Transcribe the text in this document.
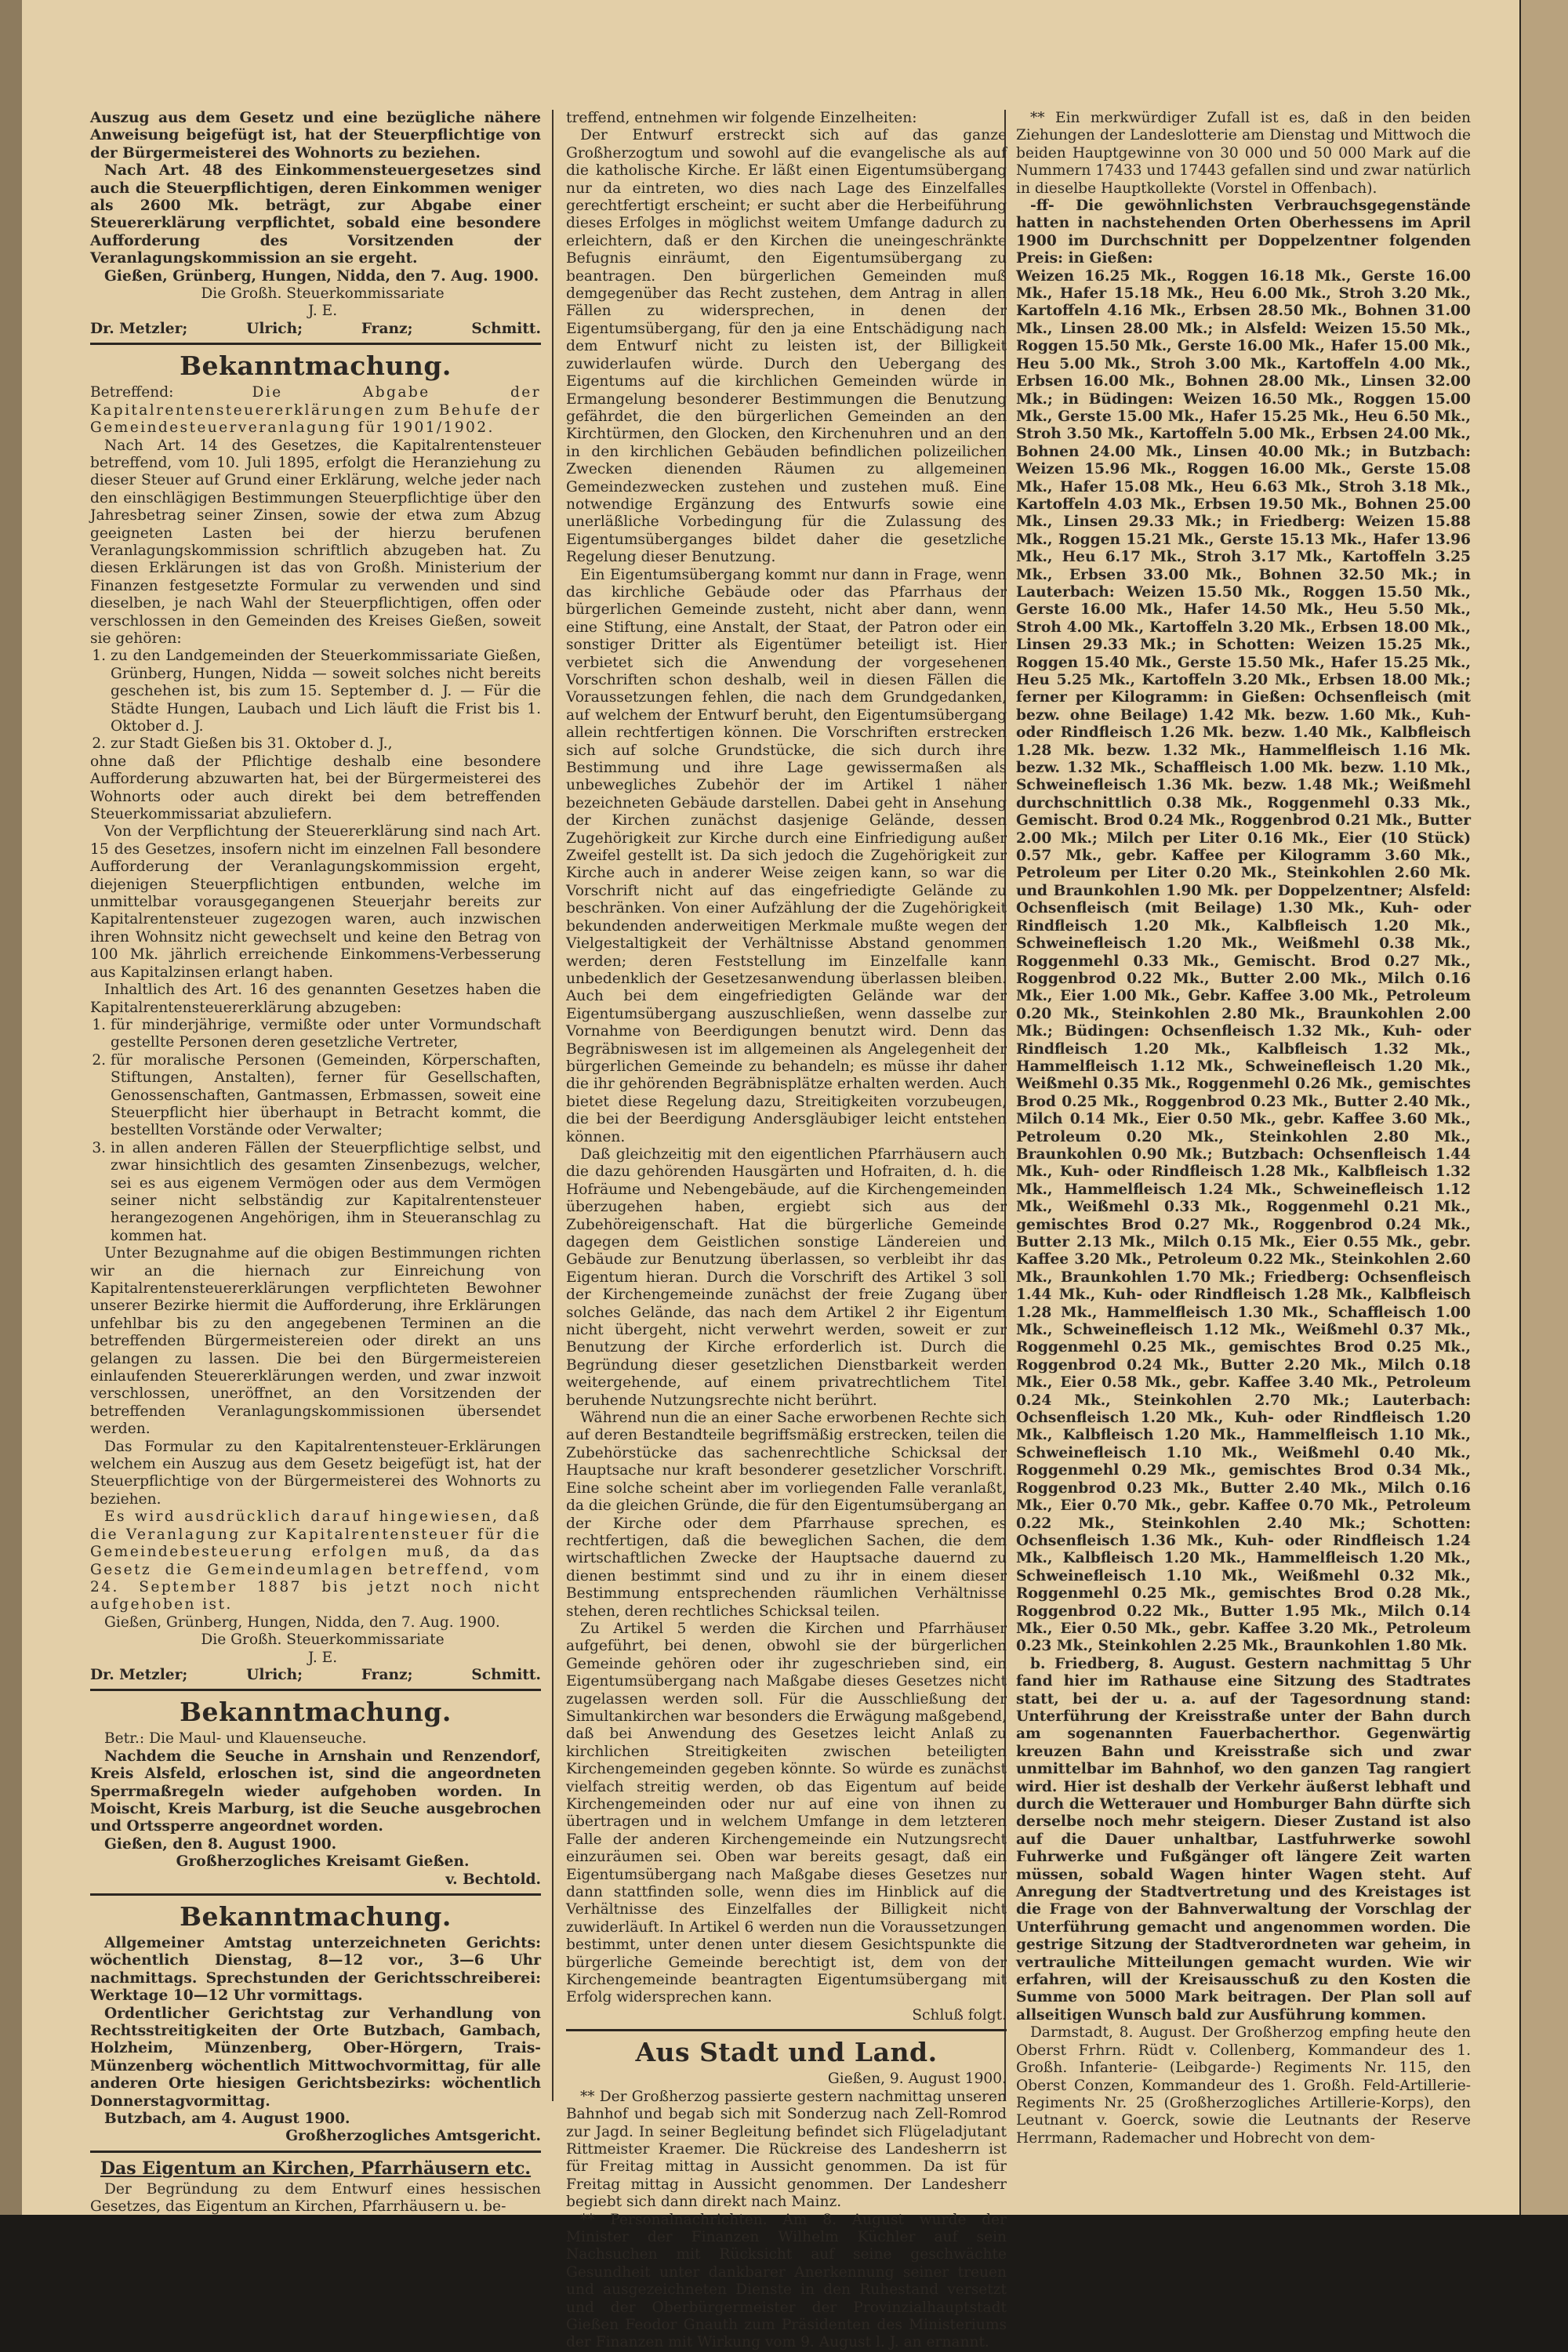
Auszug aus dem Gesetz und eine bezügliche nähere Anweisung beigefügt ist, hat der Steuerpflichtige von der Bürgermeisterei des Wohnorts zu beziehen.

Nach Art. 48 des Einkommensteuergesetzes sind auch die Steuerpflichtigen, deren Einkommen weniger als 2600 Mk. beträgt, zur Abgabe einer Steuererklärung verpflichtet, sobald eine besondere Aufforderung des Vorsitzenden der Veranlagungskommission an sie ergeht.

Gießen, Grünberg, Hungen, Nidda, den 7. Aug. 1900.

Die Großh. Steuerkommissariate

J. E.

Dr. Metzler;	Ulrich;	Franz;	Schmitt.
Bekanntmachung.

Betreffend:	Die Abgabe der Kapitalrentensteuererklärungen zum Behufe der Gemeindesteuerveranlagung für 1901/1902.

Nach Art. 14 des Gesetzes, die Kapitalrentensteuer betreffend, vom 10. Juli 1895, erfolgt die Heranziehung zu dieser Steuer auf Grund einer Erklärung, welche jeder nach den einschlägigen Bestimmungen Steuerpflichtige über den Jahresbetrag seiner Zinsen, sowie der etwa zum Abzug geeigneten Lasten bei der hierzu berufenen Veranlagungskommission schriftlich abzugeben hat. Zu diesen Erklärungen ist das von Großh. Ministerium der Finanzen festgesetzte Formular zu verwenden und sind dieselben, je nach Wahl der Steuerpflichtigen, offen oder verschlossen in den Gemeinden des Kreises Gießen, soweit sie gehören:

1. zu den Landgemeinden der Steuerkommissariate Gießen, Grünberg, Hungen, Nidda — soweit solches nicht bereits geschehen ist, bis zum 15. September d. J. — Für die Städte Hungen, Laubach und Lich läuft die Frist bis 1. Oktober d. J.
2. zur Stadt Gießen bis 31. Oktober d. J.,

ohne daß der Pflichtige deshalb eine besondere Aufforderung abzuwarten hat, bei der Bürgermeisterei des Wohnorts oder auch direkt bei dem betreffenden Steuerkommissariat abzuliefern.

Von der Verpflichtung der Steuererklärung sind nach Art. 15 des Gesetzes, insofern nicht im einzelnen Fall besondere Aufforderung der Veranlagungskommission ergeht, diejenigen Steuerpflichtigen entbunden, welche im unmittelbar vorausgegangenen Steuerjahr bereits zur Kapitalrentensteuer zugezogen waren, auch inzwischen ihren Wohnsitz nicht gewechselt und keine den Betrag von 100 Mk. jährlich erreichende Einkommens-Verbesserung aus Kapitalzinsen erlangt haben.

Inhaltlich des Art. 16 des genannten Gesetzes haben die Kapitalrentensteuererklärung abzugeben:

1. für minderjährige, vermißte oder unter Vormundschaft gestellte Personen deren gesetzliche Vertreter,
2. für moralische Personen (Gemeinden, Körperschaften, Stiftungen, Anstalten), ferner für Gesellschaften, Genossenschaften, Gantmassen, Erbmassen, soweit eine Steuerpflicht hier überhaupt in Betracht kommt, die bestellten Vorstände oder Verwalter;
3. in allen anderen Fällen der Steuerpflichtige selbst, und zwar hinsichtlich des gesamten Zinsenbezugs, welcher, sei es aus eigenem Vermögen oder aus dem Vermögen seiner nicht selbständig zur Kapitalrentensteuer herangezogenen Angehörigen, ihm in Steueranschlag zu kommen hat.

Unter Bezugnahme auf die obigen Bestimmungen richten wir an die hiernach zur Einreichung von Kapitalrentensteuererklärungen verpflichteten Bewohner unserer Bezirke hiermit die Aufforderung, ihre Erklärungen unfehlbar bis zu den angegebenen Terminen an die betreffenden Bürgermeistereien oder direkt an uns gelangen zu lassen. Die bei den Bürgermeistereien einlaufenden Steuererklärungen werden, und zwar inzwoit verschlossen, uneröffnet, an den Vorsitzenden der betreffenden Veranlagungskommissionen übersendet werden.

Das Formular zu den Kapitalrentensteuer-Erklärungen welchem ein Auszug aus dem Gesetz beigefügt ist, hat der Steuerpflichtige von der Bürgermeisterei des Wohnorts zu beziehen.

Es wird ausdrücklich darauf hingewiesen, daß die Veranlagung zur Kapitalrentensteuer für die Gemeindebesteuerung erfolgen muß, da das Gesetz die Gemeindeumlagen betreffend, vom 24. September 1887 bis jetzt noch nicht aufgehoben ist.

Gießen, Grünberg, Hungen, Nidda, den 7. Aug. 1900.

Die Großh. Steuerkommissariate

J. E.

Dr. Metzler;	Ulrich;	Franz;	Schmitt.
Bekanntmachung.

Betr.: Die Maul- und Klauenseuche.

Nachdem die Seuche in Arnshain und Renzendorf, Kreis Alsfeld, erloschen ist, sind die angeordneten Sperrmaßregeln wieder aufgehoben worden. In Moischt, Kreis Marburg, ist die Seuche ausgebrochen und Ortssperre angeordnet worden.

Gießen, den 8. August 1900.

Großherzogliches Kreisamt Gießen.

v. Bechtold.

Bekanntmachung.

Allgemeiner Amtstag unterzeichneten Gerichts: wöchentlich Dienstag, 8—12 vor., 3—6 Uhr nachmittags. Sprechstunden der Gerichtsschreiberei: Werktage 10—12 Uhr vormittags.

Ordentlicher Gerichtstag zur Verhandlung von Rechtsstreitigkeiten der Orte Butzbach, Gambach, Holzheim, Münzenberg, Ober-Hörgern, Trais-Münzenberg wöchentlich Mittwochvormittag, für alle anderen Orte hiesigen Gerichtsbezirks: wöchentlich Donnerstagvormittag.

Butzbach, am 4. August 1900.

Großherzogliches Amtsgericht.

Das Eigentum an Kirchen, Pfarrhäusern etc.

Der Begründung zu dem Entwurf eines hessischen Gesetzes, das Eigentum an Kirchen, Pfarrhäusern u. be-

treffend, entnehmen wir folgende Einzelheiten:

Der Entwurf erstreckt sich auf das ganze Großherzogtum und sowohl auf die evangelische als auf die katholische Kirche. Er läßt einen Eigentumsübergang nur da eintreten, wo dies nach Lage des Einzelfalles gerechtfertigt erscheint; er sucht aber die Herbeiführung dieses Erfolges in möglichst weitem Umfange dadurch zu erleichtern, daß er den Kirchen die uneingeschränkte Befugnis einräumt, den Eigentumsübergang zu beantragen. Den bürgerlichen Gemeinden muß demgegenüber das Recht zustehen, dem Antrag in allen Fällen zu widersprechen, in denen der Eigentumsübergang, für den ja eine Entschädigung nach dem Entwurf nicht zu leisten ist, der Billigkeit zuwiderlaufen würde. Durch den Uebergang des Eigentums auf die kirchlichen Gemeinden würde in Ermangelung besonderer Bestimmungen die Benutzung gefährdet, die den bürgerlichen Gemeinden an den Kirchtürmen, den Glocken, den Kirchenuhren und an den in den kirchlichen Gebäuden befindlichen polizeilichen Zwecken dienenden Räumen zu allgemeinen Gemeindezwecken zustehen und zustehen muß. Eine notwendige Ergänzung des Entwurfs sowie eine unerläßliche Vorbedingung für die Zulassung des Eigentumsüberganges bildet daher die gesetzliche Regelung dieser Benutzung.

Ein Eigentumsübergang kommt nur dann in Frage, wenn das kirchliche Gebäude oder das Pfarrhaus der bürgerlichen Gemeinde zusteht, nicht aber dann, wenn eine Stiftung, eine Anstalt, der Staat, der Patron oder ein sonstiger Dritter als Eigentümer beteiligt ist. Hier verbietet sich die Anwendung der vorgesehenen Vorschriften schon deshalb, weil in diesen Fällen die Voraussetzungen fehlen, die nach dem Grundgedanken, auf welchem der Entwurf beruht, den Eigentumsübergang allein rechtfertigen können. Die Vorschriften erstrecken sich auf solche Grundstücke, die sich durch ihre Bestimmung und ihre Lage gewissermaßen als unbewegliches Zubehör der im Artikel 1 näher bezeichneten Gebäude darstellen. Dabei geht in Ansehung der Kirchen zunächst dasjenige Gelände, dessen Zugehörigkeit zur Kirche durch eine Einfriedigung außer Zweifel gestellt ist. Da sich jedoch die Zugehörigkeit zur Kirche auch in anderer Weise zeigen kann, so war die Vorschrift nicht auf das eingefriedigte Gelände zu beschränken. Von einer Aufzählung der die Zugehörigkeit bekundenden anderweitigen Merkmale mußte wegen der Vielgestaltigkeit der Verhältnisse Abstand genommen werden; deren Feststellung im Einzelfalle kann unbedenklich der Gesetzesanwendung überlassen bleiben. Auch bei dem eingefriedigten Gelände war der Eigentumsübergang auszuschließen, wenn dasselbe zur Vornahme von Beerdigungen benutzt wird. Denn das Begräbniswesen ist im allgemeinen als Angelegenheit der bürgerlichen Gemeinde zu behandeln; es müsse ihr daher die ihr gehörenden Begräbnisplätze erhalten werden. Auch bietet diese Regelung dazu, Streitigkeiten vorzubeugen, die bei der Beerdigung Andersgläubiger leicht entstehen können.

Daß gleichzeitig mit den eigentlichen Pfarrhäusern auch die dazu gehörenden Hausgärten und Hofraiten, d. h. die Hofräume und Nebengebäude, auf die Kirchengemeinden überzugehen haben, ergiebt sich aus der Zubehöreigenschaft. Hat die bürgerliche Gemeinde dagegen dem Geistlichen sonstige Ländereien und Gebäude zur Benutzung überlassen, so verbleibt ihr das Eigentum hieran. Durch die Vorschrift des Artikel 3 soll der Kirchengemeinde zunächst der freie Zugang über solches Gelände, das nach dem Artikel 2 ihr Eigentum nicht übergeht, nicht verwehrt werden, soweit er zur Benutzung der Kirche erforderlich ist. Durch die Begründung dieser gesetzlichen Dienstbarkeit werden weitergehende, auf einem privatrechtlichem Titel beruhende Nutzungsrechte nicht berührt.

Während nun die an einer Sache erworbenen Rechte sich auf deren Bestandteile begriffsmäßig erstrecken, teilen die Zubehörstücke das sachenrechtliche Schicksal der Hauptsache nur kraft besonderer gesetzlicher Vorschrift. Eine solche scheint aber im vorliegenden Falle veranlaßt, da die gleichen Gründe, die für den Eigentumsübergang an der Kirche oder dem Pfarrhause sprechen, es rechtfertigen, daß die beweglichen Sachen, die dem wirtschaftlichen Zwecke der Hauptsache dauernd zu dienen bestimmt sind und zu ihr in einem dieser Bestimmung entsprechenden räumlichen Verhältnisse stehen, deren rechtliches Schicksal teilen.

Zu Artikel 5 werden die Kirchen und Pfarrhäuser aufgeführt, bei denen, obwohl sie der bürgerlichen Gemeinde gehören oder ihr zugeschrieben sind, ein Eigentumsübergang nach Maßgabe dieses Gesetzes nicht zugelassen werden soll. Für die Ausschließung der Simultankirchen war besonders die Erwägung maßgebend, daß bei Anwendung des Gesetzes leicht Anlaß zu kirchlichen Streitigkeiten zwischen beteiligten Kirchengemeinden gegeben könnte. So würde es zunächst vielfach streitig werden, ob das Eigentum auf beide Kirchengemeinden oder nur auf eine von ihnen zu übertragen und in welchem Umfange in dem letzteren Falle der anderen Kirchengemeinde ein Nutzungsrecht einzuräumen sei. Oben war bereits gesagt, daß ein Eigentumsübergang nach Maßgabe dieses Gesetzes nur dann stattfinden solle, wenn dies im Hinblick auf die Verhältnisse des Einzelfalles der Billigkeit nicht zuwiderläuft. In Artikel 6 werden nun die Voraussetzungen bestimmt, unter denen unter diesem Gesichtspunkte die bürgerliche Gemeinde berechtigt ist, dem von der Kirchengemeinde beantragten Eigentumsübergang mit Erfolg widersprechen kann.

Schluß folgt.

Aus Stadt und Land.

Gießen, 9. August 1900.

** Der Großherzog passierte gestern nachmittag unseren Bahnhof und begab sich mit Sonderzug nach Zell-Romrod zur Jagd. In seiner Begleitung befindet sich Flügeladjutant Rittmeister Kraemer. Die Rückreise des Landesherrn ist für Freitag mittag in Aussicht genommen. Da ist für Freitag mittag in Aussicht genommen. Der Landesherr begiebt sich dann direkt nach Mainz.

** Personalnachrichten. Am 8. August wurde der Minister der Finanzen Wilhelm Küchler auf sein Nachsuchen mit Rücksicht auf seine geschwächte Gesundheit unter dankbarer Anerkennung seiner treuen und ausgezeichneten Dienste in den Ruhestand versetzt und der Oberbürgermeister der Provinzialhauptstadt Gießen Feodor Gnauth zum Präsidenten des Ministeriums der Finanzen mit Wirkung vom 9. August l. J. an ernannt.

** Ein merkwürdiger Zufall ist es, daß in den beiden Ziehungen der Landeslotterie am Dienstag und Mittwoch die beiden Hauptgewinne von 30 000 und 50 000 Mark auf die Nummern 17433 und 17443 gefallen sind und zwar natürlich in dieselbe Hauptkollekte (Vorstel in Offenbach).

-ff- Die gewöhnlichsten Verbrauchsgegenstände hatten in nachstehenden Orten Oberhessens im April 1900 im Durchschnitt per Doppelzentner folgenden Preis: in Gießen:

Weizen 16.25 Mk., Roggen 16.18 Mk., Gerste 16.00 Mk., Hafer 15.18 Mk., Heu 6.00 Mk., Stroh 3.20 Mk., Kartoffeln 4.16 Mk., Erbsen 28.50 Mk., Bohnen 31.00 Mk., Linsen 28.00 Mk.; in Alsfeld: Weizen 15.50 Mk., Roggen 15.50 Mk., Gerste 16.00 Mk., Hafer 15.00 Mk., Heu 5.00 Mk., Stroh 3.00 Mk., Kartoffeln 4.00 Mk., Erbsen 16.00 Mk., Bohnen 28.00 Mk., Linsen 32.00 Mk.; in Büdingen: Weizen 16.50 Mk., Roggen 15.00 Mk., Gerste 15.00 Mk., Hafer 15.25 Mk., Heu 6.50 Mk., Stroh 3.50 Mk., Kartoffeln 5.00 Mk., Erbsen 24.00 Mk., Bohnen 24.00 Mk., Linsen 40.00 Mk.; in Butzbach: Weizen 15.96 Mk., Roggen 16.00 Mk., Gerste 15.08 Mk., Hafer 15.08 Mk., Heu 6.63 Mk., Stroh 3.18 Mk., Kartoffeln 4.03 Mk., Erbsen 19.50 Mk., Bohnen 25.00 Mk., Linsen 29.33 Mk.; in Friedberg: Weizen 15.88 Mk., Roggen 15.21 Mk., Gerste 15.13 Mk., Hafer 13.96 Mk., Heu 6.17 Mk., Stroh 3.17 Mk., Kartoffeln 3.25 Mk., Erbsen 33.00 Mk., Bohnen 32.50 Mk.; in Lauterbach: Weizen 15.50 Mk., Roggen 15.50 Mk., Gerste 16.00 Mk., Hafer 14.50 Mk., Heu 5.50 Mk., Stroh 4.00 Mk., Kartoffeln 3.20 Mk., Erbsen 18.00 Mk., Linsen 29.33 Mk.; in Schotten: Weizen 15.25 Mk., Roggen 15.40 Mk., Gerste 15.50 Mk., Hafer 15.25 Mk., Heu 5.25 Mk., Kartoffeln 3.20 Mk., Erbsen 18.00 Mk.; ferner per Kilogramm: in Gießen: Ochsenfleisch (mit bezw. ohne Beilage) 1.42 Mk. bezw. 1.60 Mk., Kuh- oder Rindfleisch 1.26 Mk. bezw. 1.40 Mk., Kalbfleisch 1.28 Mk. bezw. 1.32 Mk., Hammelfleisch 1.16 Mk. bezw. 1.32 Mk., Schaffleisch 1.00 Mk. bezw. 1.10 Mk., Schweinefleisch 1.36 Mk. bezw. 1.48 Mk.; Weißmehl durchschnittlich 0.38 Mk., Roggenmehl 0.33 Mk., Gemischt. Brod 0.24 Mk., Roggenbrod 0.21 Mk., Butter 2.00 Mk.; Milch per Liter 0.16 Mk., Eier (10 Stück) 0.57 Mk., gebr. Kaffee per Kilogramm 3.60 Mk., Petroleum per Liter 0.20 Mk., Steinkohlen 2.60 Mk. und Braunkohlen 1.90 Mk. per Doppelzentner; Alsfeld: Ochsenfleisch (mit Beilage) 1.30 Mk., Kuh- oder Rindfleisch 1.20 Mk., Kalbfleisch 1.20 Mk., Schweinefleisch 1.20 Mk., Weißmehl 0.38 Mk., Roggenmehl 0.33 Mk., Gemischt. Brod 0.27 Mk., Roggenbrod 0.22 Mk., Butter 2.00 Mk., Milch 0.16 Mk., Eier 1.00 Mk., Gebr. Kaffee 3.00 Mk., Petroleum 0.20 Mk., Steinkohlen 2.80 Mk., Braunkohlen 2.00 Mk.; Büdingen: Ochsenfleisch 1.32 Mk., Kuh- oder Rindfleisch 1.20 Mk., Kalbfleisch 1.32 Mk., Hammelfleisch 1.12 Mk., Schweinefleisch 1.20 Mk., Weißmehl 0.35 Mk., Roggenmehl 0.26 Mk., gemischtes Brod 0.25 Mk., Roggenbrod 0.23 Mk., Butter 2.40 Mk., Milch 0.14 Mk., Eier 0.50 Mk., gebr. Kaffee 3.60 Mk., Petroleum 0.20 Mk., Steinkohlen 2.80 Mk., Braunkohlen 0.90 Mk.; Butzbach: Ochsenfleisch 1.44 Mk., Kuh- oder Rindfleisch 1.28 Mk., Kalbfleisch 1.32 Mk., Hammelfleisch 1.24 Mk., Schweinefleisch 1.12 Mk., Weißmehl 0.33 Mk., Roggenmehl 0.21 Mk., gemischtes Brod 0.27 Mk., Roggenbrod 0.24 Mk., Butter 2.13 Mk., Milch 0.15 Mk., Eier 0.55 Mk., gebr. Kaffee 3.20 Mk., Petroleum 0.22 Mk., Steinkohlen 2.60 Mk., Braunkohlen 1.70 Mk.; Friedberg: Ochsenfleisch 1.44 Mk., Kuh- oder Rindfleisch 1.28 Mk., Kalbfleisch 1.28 Mk., Hammelfleisch 1.30 Mk., Schaffleisch 1.00 Mk., Schweinefleisch 1.12 Mk., Weißmehl 0.37 Mk., Roggenmehl 0.25 Mk., gemischtes Brod 0.25 Mk., Roggenbrod 0.24 Mk., Butter 2.20 Mk., Milch 0.18 Mk., Eier 0.58 Mk., gebr. Kaffee 3.40 Mk., Petroleum 0.24 Mk., Steinkohlen 2.70 Mk.; Lauterbach: Ochsenfleisch 1.20 Mk., Kuh- oder Rindfleisch 1.20 Mk., Kalbfleisch 1.20 Mk., Hammelfleisch 1.10 Mk., Schweinefleisch 1.10 Mk., Weißmehl 0.40 Mk., Roggenmehl 0.29 Mk., gemischtes Brod 0.34 Mk., Roggenbrod 0.23 Mk., Butter 2.40 Mk., Milch 0.16 Mk., Eier 0.70 Mk., gebr. Kaffee 0.70 Mk., Petroleum 0.22 Mk., Steinkohlen 2.40 Mk.; Schotten: Ochsenfleisch 1.36 Mk., Kuh- oder Rindfleisch 1.24 Mk., Kalbfleisch 1.20 Mk., Hammelfleisch 1.20 Mk., Schweinefleisch 1.10 Mk., Weißmehl 0.32 Mk., Roggenmehl 0.25 Mk., gemischtes Brod 0.28 Mk., Roggenbrod 0.22 Mk., Butter 1.95 Mk., Milch 0.14 Mk., Eier 0.50 Mk., gebr. Kaffee 3.20 Mk., Petroleum 0.23 Mk., Steinkohlen 2.25 Mk., Braunkohlen 1.80 Mk.

b. Friedberg, 8. August. Gestern nachmittag 5 Uhr fand hier im Rathause eine Sitzung des Stadtrates statt, bei der u. a. auf der Tagesordnung stand: Unterführung der Kreisstraße unter der Bahn durch am sogenannten Fauerbacherthor. Gegenwärtig kreuzen Bahn und Kreisstraße sich und zwar unmittelbar im Bahnhof, wo den ganzen Tag rangiert wird. Hier ist deshalb der Verkehr äußerst lebhaft und durch die Wetterauer und Homburger Bahn dürfte sich derselbe noch mehr steigern. Dieser Zustand ist also auf die Dauer unhaltbar, Lastfuhrwerke sowohl Fuhrwerke und Fußgänger oft längere Zeit warten müssen, sobald Wagen hinter Wagen steht. Auf Anregung der Stadtvertretung und des Kreistages ist die Frage von der Bahnverwaltung der Vorschlag der Unterführung gemacht und angenommen worden. Die gestrige Sitzung der Stadtverordneten war geheim, in vertrauliche Mitteilungen gemacht wurden. Wie wir erfahren, will der Kreisausschuß zu den Kosten die Summe von 5000 Mark beitragen. Der Plan soll auf allseitigen Wunsch bald zur Ausführung kommen.

Darmstadt, 8. August. Der Großherzog empfing heute den Oberst Frhrn. Rüdt v. Collenberg, Kommandeur des 1. Großh. Infanterie- (Leibgarde-) Regiments Nr. 115, den Oberst Conzen, Kommandeur des 1. Großh. Feld-Artillerie-Regiments Nr. 25 (Großherzogliches Artillerie-Korps), den Leutnant v. Goerck, sowie die Leutnants der Reserve Herrmann, Rademacher und Hobrecht von dem-
